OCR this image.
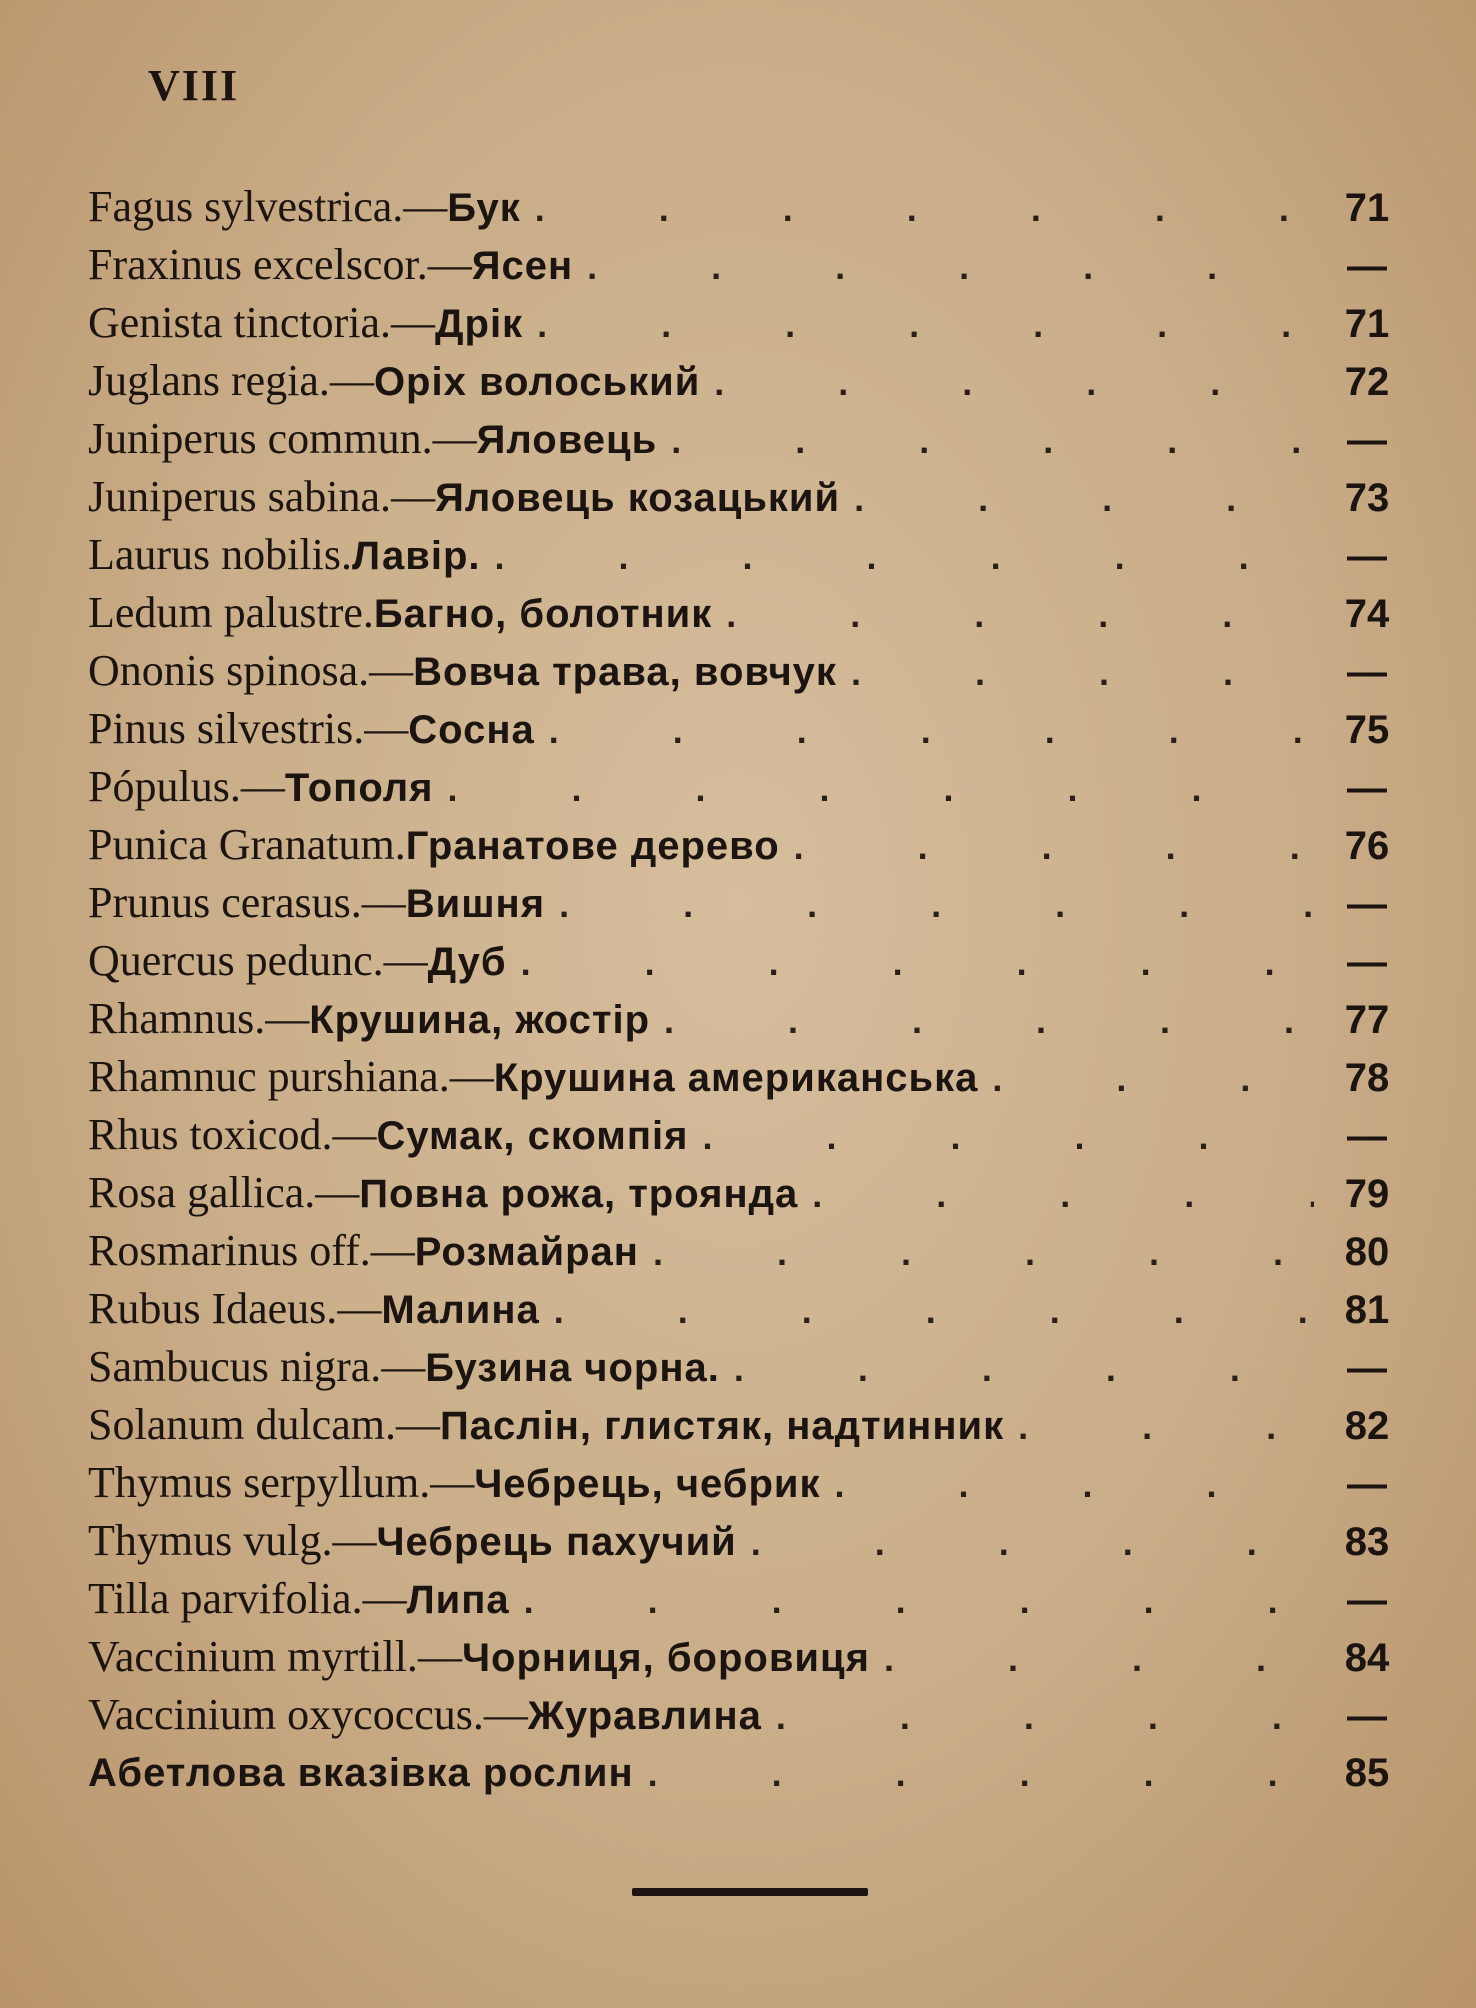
VIII
Fagus sylvestrica. — Бук . . .	71
Fraxinus excelscor. — Ясен . . .	—
Genista tinctoria. — Дрік . . .	71
Juglans regia. — Оріх волоський . . .	72
Juniperus commun. — Яловець . . .	—
Juniperus sabina. — Яловець козацький . . .	73
Laurus nobilis. Лавір. . . .	—
Ledum palustre. Багно, болотник . . .	74
Ononis spinosa. — Вовча трава, вовчук . . .	—
Pinus silvestris. — Сосна . . .	75
Pópulus. — Тополя . . .	—
Punica Granatum. Гранатове дерево . . .	76
Prunus cerasus. — Вишня . . .	—
Quercus pedunc. — Дуб . . .	—
Rhamnus. — Крушина, жостір . . .	77
Rhamnuc purshiana. — Крушина американська . . .	78
Rhus toxicod. — Сумак, скомпія . . .	—
Rosa gallica. — Повна рожа, троянда . . .	79
Rosmarinus off. — Розмайран . . .	80
Rubus Idaeus. — Малина . . .	81
Sambucus nigra. — Бузина чорна. . . .	—
Solanum dulcam. — Паслін, глистяк, надтинник . . .	82
Thymus serpyllum. — Чебрець, чебрик . . .	—
Thymus vulg. — Чебрець пахучий . . .	83
Tilla parvifolia. — Липа . . .	—
Vaccinium myrtill. — Чорниця, боровиця . . .	84
Vaccinium oxycoccus. — Журавлина . . .	—
Абетлова вказівка рослин . . .	85
